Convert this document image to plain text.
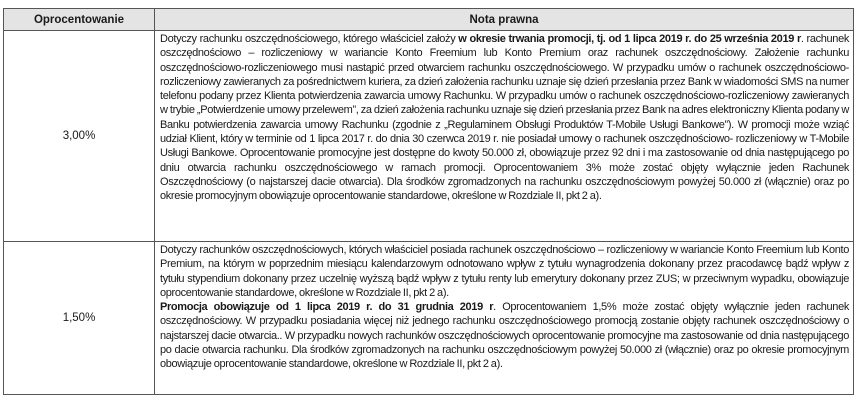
Oprocentowanie	Nota prawna
3,00%	Dotyczy rachunku oszczędnościowego, którego właściciel założy w okresie trwania promocji, tj. od 1 lipca 2019 r. do 25 września 2019 r. rachunek oszczędnościowo – rozliczeniowy w wariancie Konto Freemium lub Konto Premium oraz rachunek oszczędnościowy. Założenie rachunku oszczędnościowo-rozliczeniowego musi nastąpić przed otwarciem rachunku oszczędnościowego. W przypadku umów o rachunek oszczędnościowo-rozliczeniowy zawieranych za pośrednictwem kuriera, za dzień założenia rachunku uznaje się dzień przesłania przez Bank w wiadomości SMS na numer telefonu podany przez Klienta potwierdzenia zawarcia umowy Rachunku. W przypadku umów o rachunek oszczędnościowo-rozliczeniowy zawieranych w trybie „Potwierdzenie umowy przelewem”, za dzień założenia rachunku uznaje się dzień przesłania przez Bank na adres elektroniczny Klienta podany w Banku potwierdzenia zawarcia umowy Rachunku (zgodnie z „Regulaminem Obsługi Produktów T-Mobile Usługi Bankowe”). W promocji może wziąć udział Klient, który w terminie od 1 lipca 2017 r. do dnia 30 czerwca 2019 r. nie posiadał umowy o rachunek oszczędnościowo- rozliczeniowy w T-Mobile Usługi Bankowe. Oprocentowanie promocyjne jest dostępne do kwoty 50.000 zł, obowiązuje przez 92 dni i ma zastosowanie od dnia następującego po dniu otwarcia rachunku oszczędnościowego w ramach promocji. Oprocentowaniem 3% może zostać objęty wyłącznie jeden Rachunek Oszczędnościowy (o najstarszej dacie otwarcia). Dla środków zgromadzonych na rachunku oszczędnościowym powyżej 50.000 zł (włącznie) oraz po okresie promocyjnym obowiązuje oprocentowanie standardowe, określone w Rozdziale II, pkt 2 a).

1,50%	Dotyczy rachunków oszczędnościowych, których właściciel posiada rachunek oszczędnościowo – rozliczeniowy w wariancie Konto Freemium lub Konto Premium, na którym w poprzednim miesiącu kalendarzowym odnotowano wpływ z tytułu wynagrodzenia dokonany przez pracodawcę bądź wpływ z tytułu stypendium dokonany przez uczelnię wyższą bądź wpływ z tytułu renty lub emerytury dokonany przez ZUS; w przeciwnym wypadku, obowiązuje oprocentowanie standardowe, określone w Rozdziale II, pkt 2 a).

Promocja obowiązuje od 1 lipca 2019 r. do 31 grudnia 2019 r. Oprocentowaniem 1,5% może zostać objęty wyłącznie jeden rachunek oszczędnościowy. W przypadku posiadania więcej niż jednego rachunku oszczędnościowego promocją zostanie objęty rachunek oszczędnościowy o najstarszej dacie otwarcia.. W przypadku nowych rachunków oszczędnościowych oprocentowanie promocyjne ma zastosowanie od dnia następującego po dacie otwarcia rachunku. Dla środków zgromadzonych na rachunku oszczędnościowym powyżej 50.000 zł (włącznie) oraz po okresie promocyjnym obowiązuje oprocentowanie standardowe, określone w Rozdziale II, pkt 2 a).
